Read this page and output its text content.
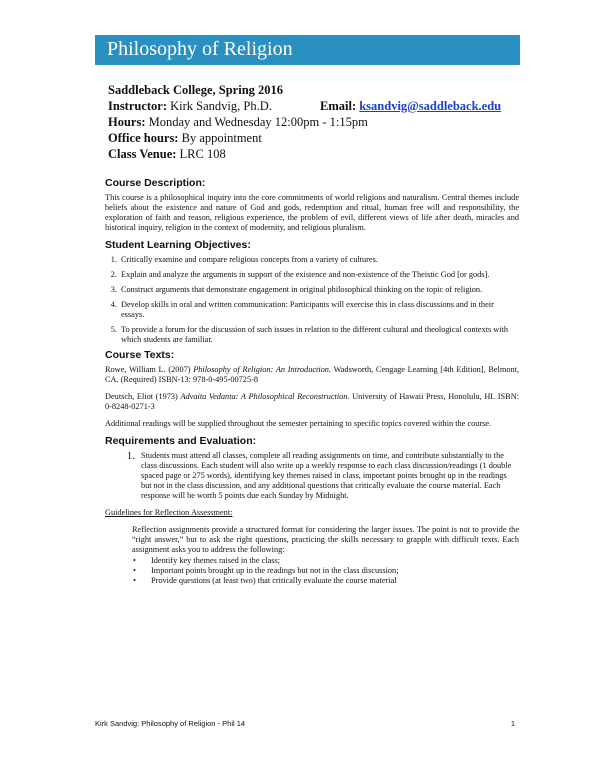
Philosophy of Religion
Saddleback College, Spring 2016
Instructor: Kirk Sandvig, Ph.D.	Email: ksandvig@saddleback.edu
Hours: Monday and Wednesday 12:00pm - 1:15pm
Office hours: By appointment
Class Venue: LRC 108
Course Description:

This course is a philosophical inquiry into the core commitments of world religions and naturalism. Central themes include beliefs about the existence and nature of God and gods, redemption and ritual, human free will and responsibility, the exploration of faith and reason, religious experience, the problem of evil, different views of life after death, miracles and historical inquiry, religion in the context of modernity, and religious pluralism.

Student Learning Objectives:
1. Critically examine and compare religious concepts from a variety of cultures.
2. Explain and analyze the arguments in support of the existence and non-existence of the Theistic God [or gods].
3. Construct arguments that demonstrate engagement in original philosophical thinking on the topic of religion.
4. Develop skills in oral and written communication: Participants will exercise this in class discussions and in their essays.
5. To provide a forum for the discussion of such issues in relation to the different cultural and theological contexts with which students are familiar.
Course Texts:

Rowe, William L. (2007) Philosophy of Religion: An Introduction. Wadsworth, Cengage Learning [4th Edition], Belmont, CA. (Required) ISBN-13: 978-0-495-00725-8

Deutsch, Eliot (1973) Advaita Vedanta: A Philosophical Reconstruction. University of Hawaii Press, Honolulu, HI. ISBN: 0-8248-0271-3

Additional readings will be supplied throughout the semester pertaining to specific topics covered within the course.

Requirements and Evaluation:
1. Students must attend all classes, complete all reading assignments on time, and contribute substantially to the class discussions. Each student will also write up a weekly response to each class discussion/readings (1 double spaced page or 275 words), identifying key themes raised in class, important points brought up in the readings but not in the class discussion, and any additional questions that critically evaluate the course material. Each response will be worth 5 points due each Sunday by Midnight.
Guidelines for Reflection Assessment:

Reflection assignments provide a structured format for considering the larger issues. The point is not to provide the “right answer,” but to ask the right questions, practicing the skills necessary to grapple with difficult texts. Each assignment asks you to address the following:

• Identify key themes raised in the class;
• Important points brought up in the readings but not in the class discussion;
• Provide questions (at least two) that critically evaluate the course material
Kirk Sandvig: Philosophy of Religion - Phil 14	1
